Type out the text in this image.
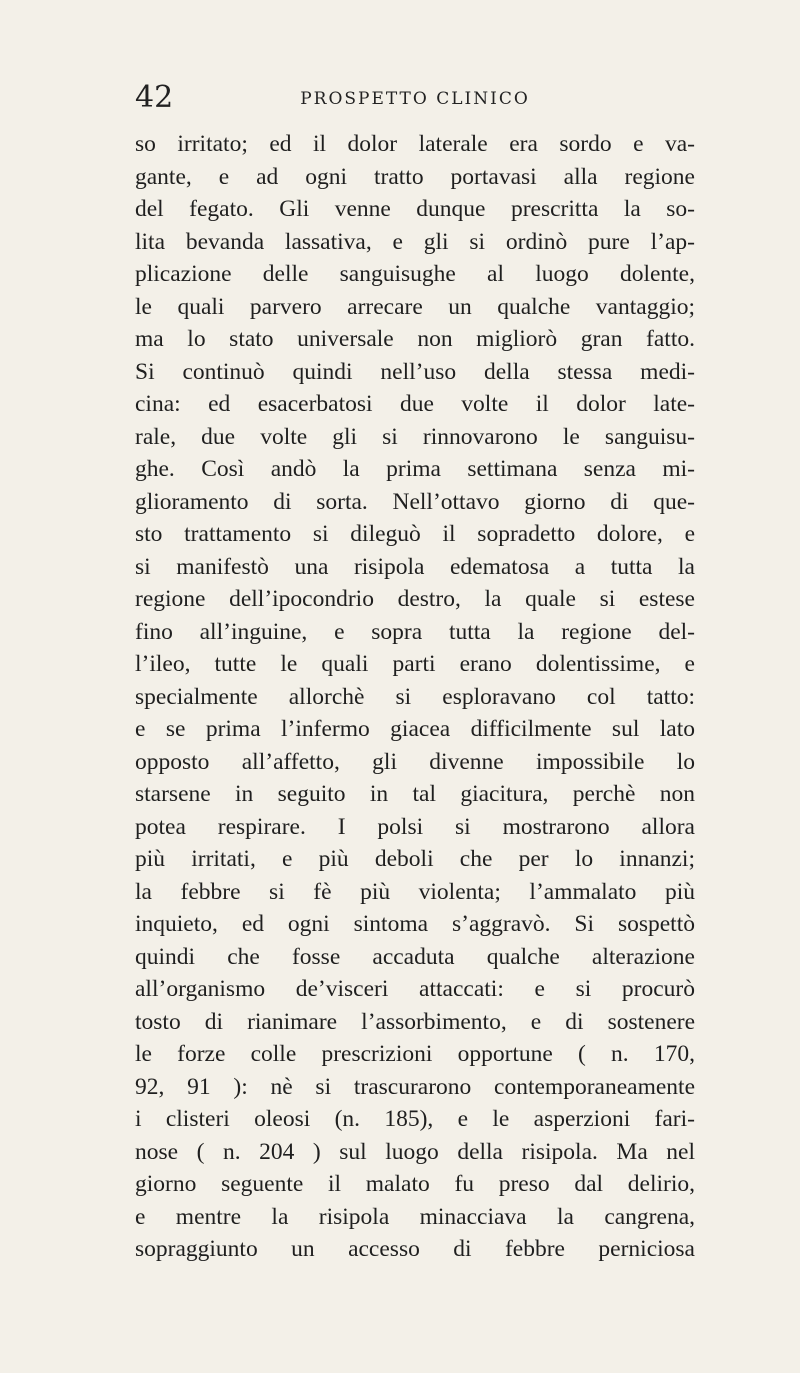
42	PROSPETTO CLINICO
so irritato; ed il dolor laterale era sordo e va-
gante, e ad ogni tratto portavasi alla regione
del fegato. Gli venne dunque prescritta la so-
lita bevanda lassativa, e gli si ordinò pure l’ap-
plicazione delle sanguisughe al luogo dolente,
le quali parvero arrecare un qualche vantaggio;
ma lo stato universale non migliorò gran fatto.
Si continuò quindi nell’uso della stessa medi-
cina: ed esacerbatosi due volte il dolor late-
rale, due volte gli si rinnovarono le sanguisu-
ghe. Così andò la prima settimana senza mi-
glioramento di sorta. Nell’ottavo giorno di que-
sto trattamento si dileguò il sopradetto dolore, e
si manifestò una risipola edematosa a tutta la
regione dell’ipocondrio destro, la quale si estese
fino all’inguine, e sopra tutta la regione del-
l’ileo, tutte le quali parti erano dolentissime, e
specialmente allorchè si esploravano col tatto:
e se prima l’infermo giacea difficilmente sul lato
opposto all’affetto, gli divenne impossibile lo
starsene in seguito in tal giacitura, perchè non
potea respirare. I polsi si mostrarono allora
più irritati, e più deboli che per lo innanzi;
la febbre si fè più violenta; l’ammalato più
inquieto, ed ogni sintoma s’aggravò. Si sospettò
quindi che fosse accaduta qualche alterazione
all’organismo de’visceri attaccati: e si procurò
tosto di rianimare l’assorbimento, e di sostenere
le forze colle prescrizioni opportune ( n. 170,
92, 91 ): nè si trascurarono contemporaneamente
i clisteri oleosi (n. 185), e le asperzioni fari-
nose ( n. 204 ) sul luogo della risipola. Ma nel
giorno seguente il malato fu preso dal delirio,
e mentre la risipola minacciava la cangrena,
sopraggiunto un accesso di febbre perniciosa
